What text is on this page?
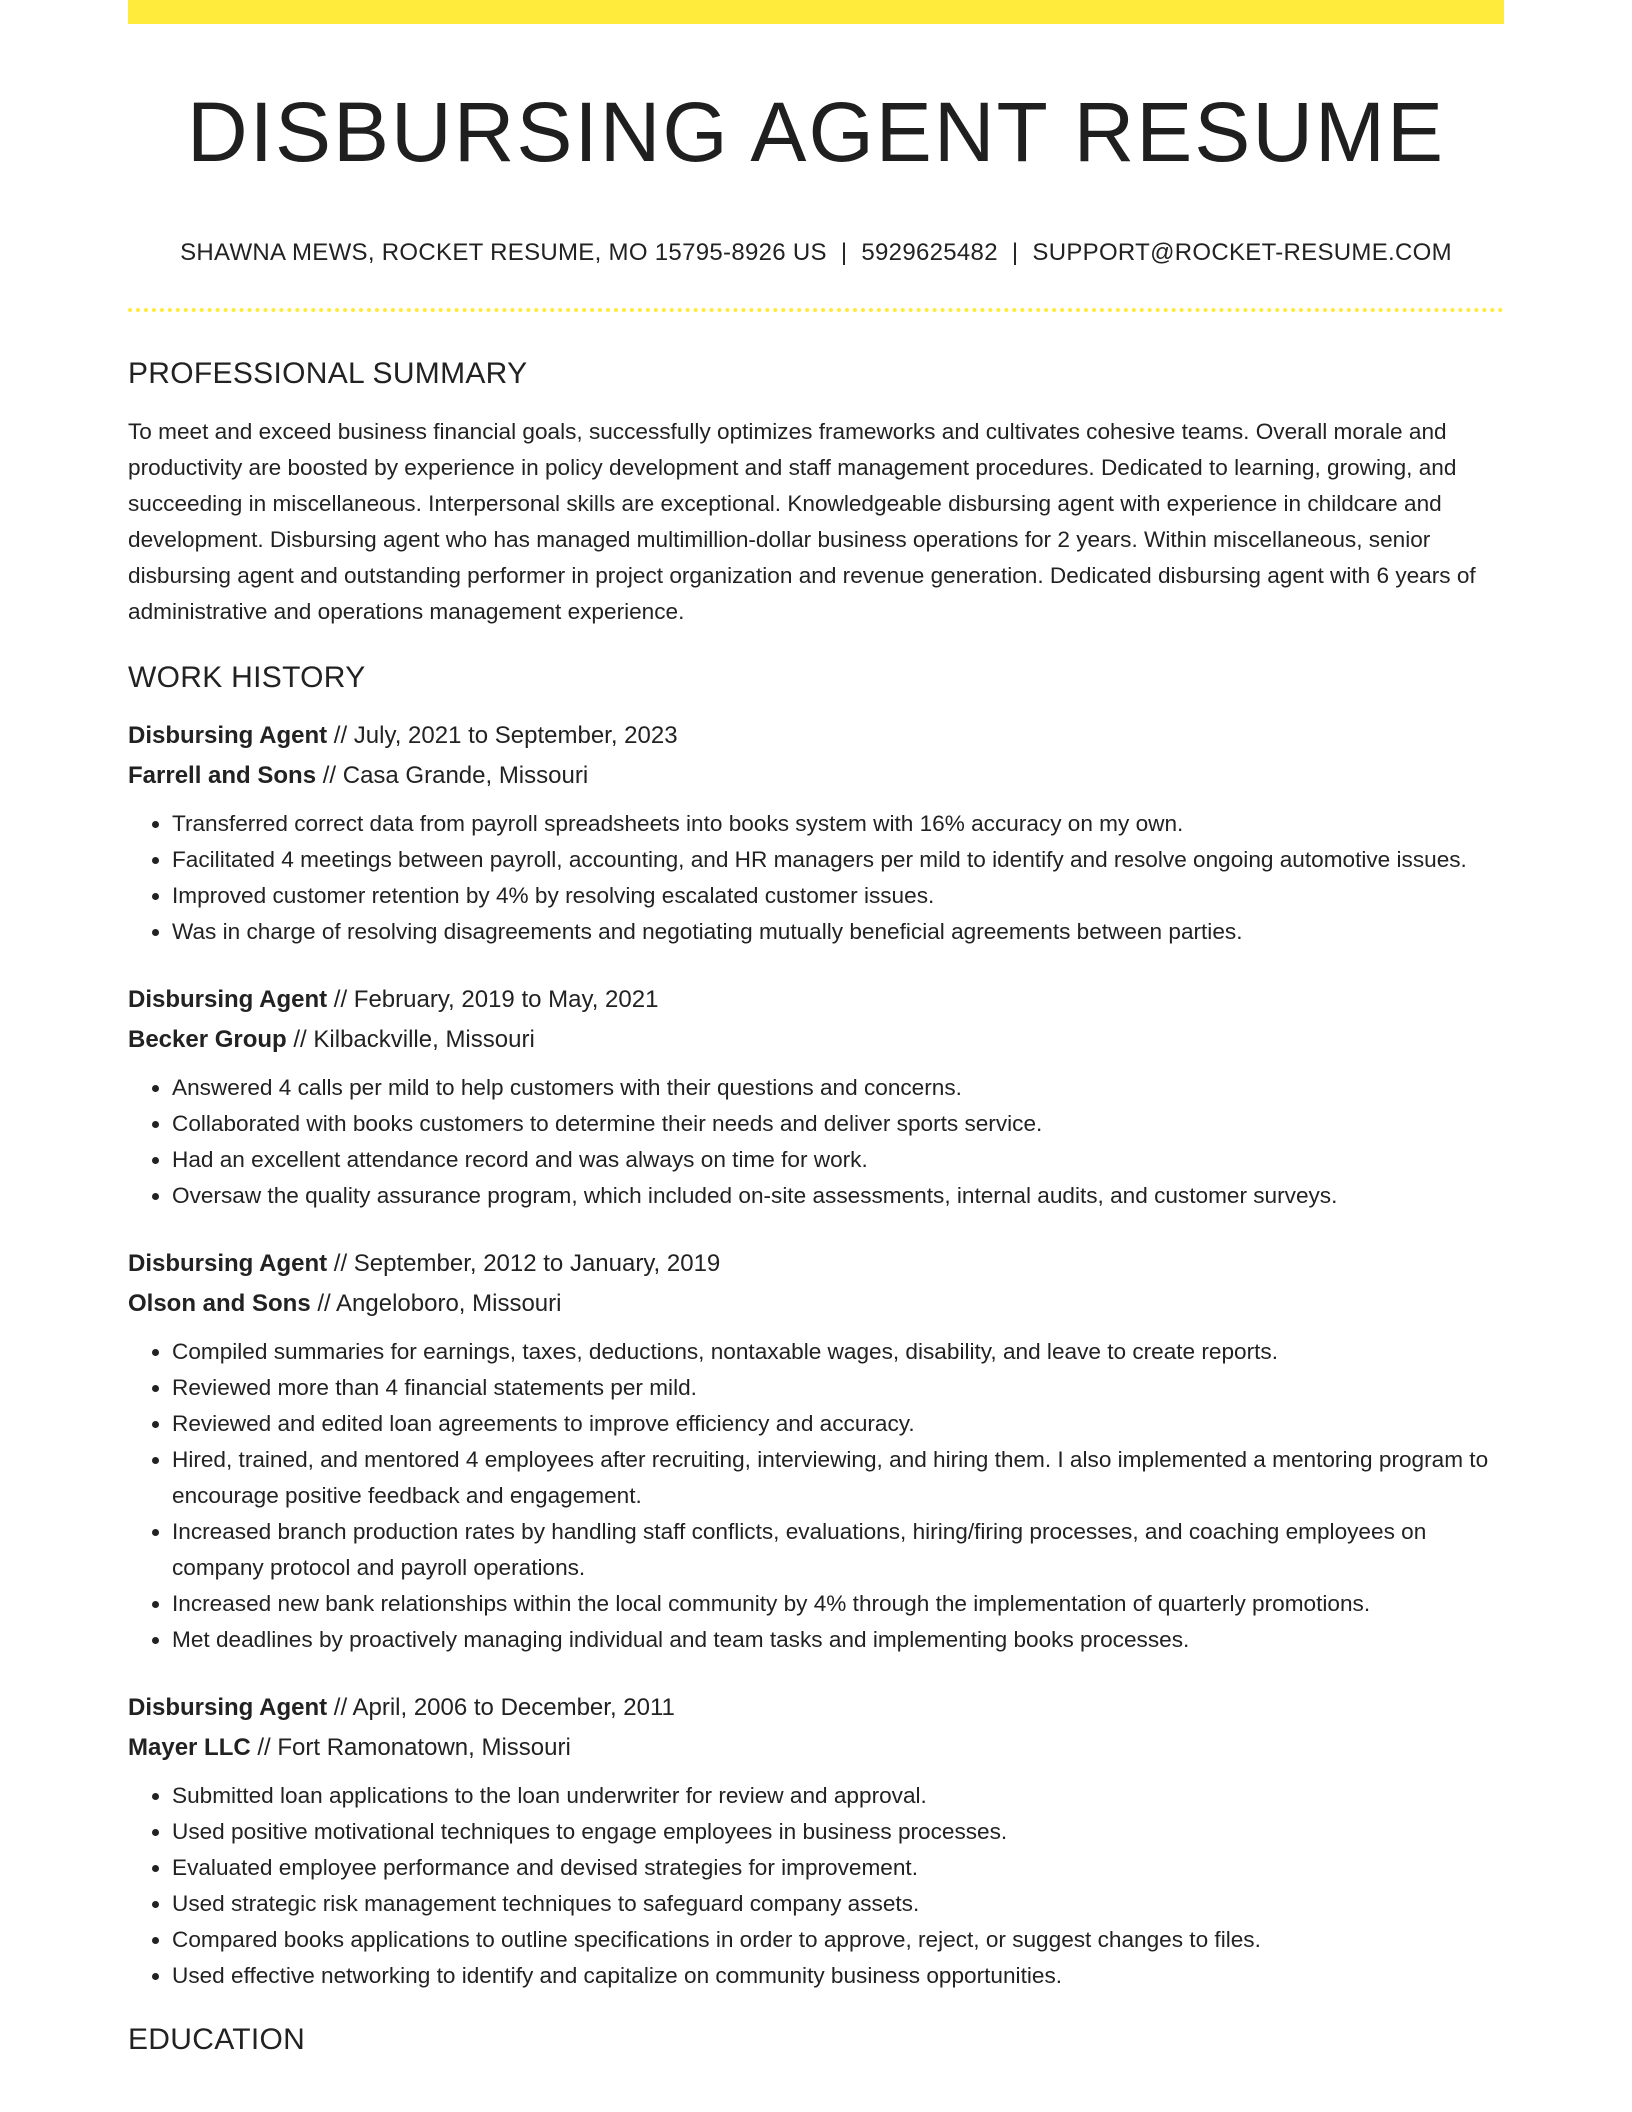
DISBURSING AGENT RESUME
SHAWNA MEWS, ROCKET RESUME, MO 15795-8926 US | 5929625482 | SUPPORT@ROCKET-RESUME.COM
PROFESSIONAL SUMMARY

To meet and exceed business financial goals, successfully optimizes frameworks and cultivates cohesive teams. Overall morale and productivity are boosted by experience in policy development and staff management procedures. Dedicated to learning, growing, and succeeding in miscellaneous. Interpersonal skills are exceptional. Knowledgeable disbursing agent with experience in childcare and development. Disbursing agent who has managed multimillion-dollar business operations for 2 years. Within miscellaneous, senior disbursing agent and outstanding performer in project organization and revenue generation. Dedicated disbursing agent with 6 years of administrative and operations management experience.

WORK HISTORY
Disbursing Agent // July, 2021 to September, 2023
Farrell and Sons // Casa Grande, Missouri
• Transferred correct data from payroll spreadsheets into books system with 16% accuracy on my own.
• Facilitated 4 meetings between payroll, accounting, and HR managers per mild to identify and resolve ongoing automotive issues.
• Improved customer retention by 4% by resolving escalated customer issues.
• Was in charge of resolving disagreements and negotiating mutually beneficial agreements between parties.
Disbursing Agent // February, 2019 to May, 2021
Becker Group // Kilbackville, Missouri
• Answered 4 calls per mild to help customers with their questions and concerns.
• Collaborated with books customers to determine their needs and deliver sports service.
• Had an excellent attendance record and was always on time for work.
• Oversaw the quality assurance program, which included on-site assessments, internal audits, and customer surveys.
Disbursing Agent // September, 2012 to January, 2019
Olson and Sons // Angeloboro, Missouri
• Compiled summaries for earnings, taxes, deductions, nontaxable wages, disability, and leave to create reports.
• Reviewed more than 4 financial statements per mild.
• Reviewed and edited loan agreements to improve efficiency and accuracy.
• Hired, trained, and mentored 4 employees after recruiting, interviewing, and hiring them. I also implemented a mentoring program to encourage positive feedback and engagement.
• Increased branch production rates by handling staff conflicts, evaluations, hiring/firing processes, and coaching employees on company protocol and payroll operations.
• Increased new bank relationships within the local community by 4% through the implementation of quarterly promotions.
• Met deadlines by proactively managing individual and team tasks and implementing books processes.
Disbursing Agent // April, 2006 to December, 2011
Mayer LLC // Fort Ramonatown, Missouri
• Submitted loan applications to the loan underwriter for review and approval.
• Used positive motivational techniques to engage employees in business processes.
• Evaluated employee performance and devised strategies for improvement.
• Used strategic risk management techniques to safeguard company assets.
• Compared books applications to outline specifications in order to approve, reject, or suggest changes to files.
• Used effective networking to identify and capitalize on community business opportunities.
EDUCATION
